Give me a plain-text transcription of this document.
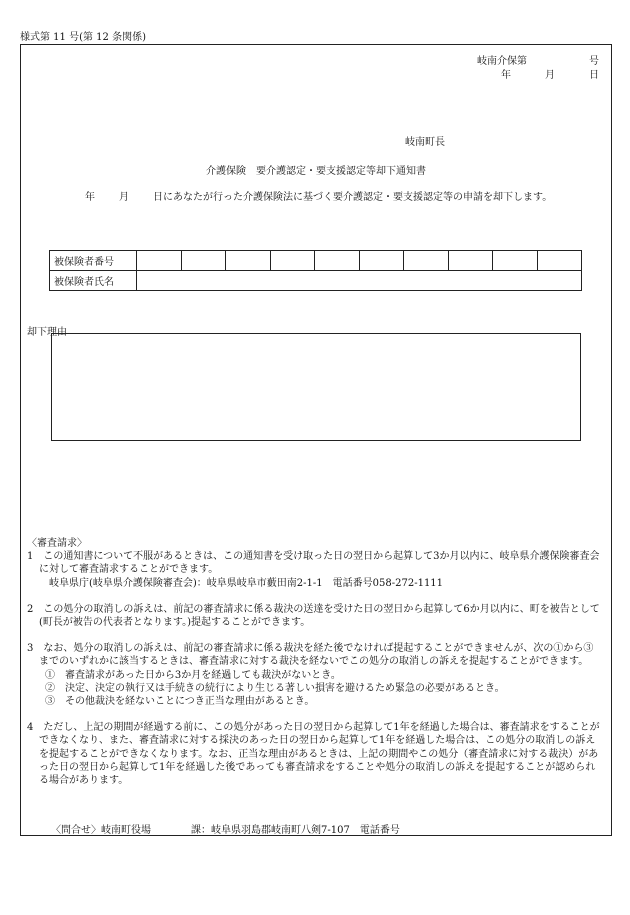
様式第 11 号(第 12 条関係)
岐南介保第	号
年	月	日
岐南町長
介護保険　要介護認定・要支援認定等却下通知書
年 月 日にあなたが行った介護保険法に基づく要介護認定・要支援認定等の申請を却下します。
被保険者番号										
被保険者氏名										
却下理由

〈審査請求〉

1　この通知書について不服があるときは、この通知書を受け取った日の翌日から起算して3か月以内に、岐阜県介護保険審査会に対して審査請求することができます。

岐阜県庁(岐阜県介護保険審査会)：岐阜県岐阜市藪田南2-1-1　電話番号058-272-1111

2　この処分の取消しの訴えは、前記の審査請求に係る裁決の送達を受けた日の翌日から起算して6か月以内に、町を被告として(町長が被告の代表者となります。)提起することができます。

3　なお、処分の取消しの訴えは、前記の審査請求に係る裁決を経た後でなければ提起することができませんが、次の①から③までのいずれかに該当するときは、審査請求に対する裁決を経ないでこの処分の取消しの訴えを提起することができます。

①　審査請求があった日から3か月を経過しても裁決がないとき。

②　決定、決定の執行又は手続きの続行により生じる著しい損害を避けるため緊急の必要があるとき。

③　その他裁決を経ないことにつき正当な理由があるとき。

4　ただし、上記の期間が経過する前に、この処分があった日の翌日から起算して1年を経過した場合は、審査請求をすることができなくなり、また、審査請求に対する採決のあった日の翌日から起算して1年を経過した場合は、この処分の取消しの訴えを提起することができなくなります。なお、正当な理由があるときは、上記の期間やこの処分（審査請求に対する裁決）があった日の翌日から起算して1年を経過した後であっても審査請求をすることや処分の取消しの訴えを提起することが認められる場合があります。

〈問合せ〉岐南町役場	課：岐阜県羽島郡岐南町八剣7-107　電話番号
